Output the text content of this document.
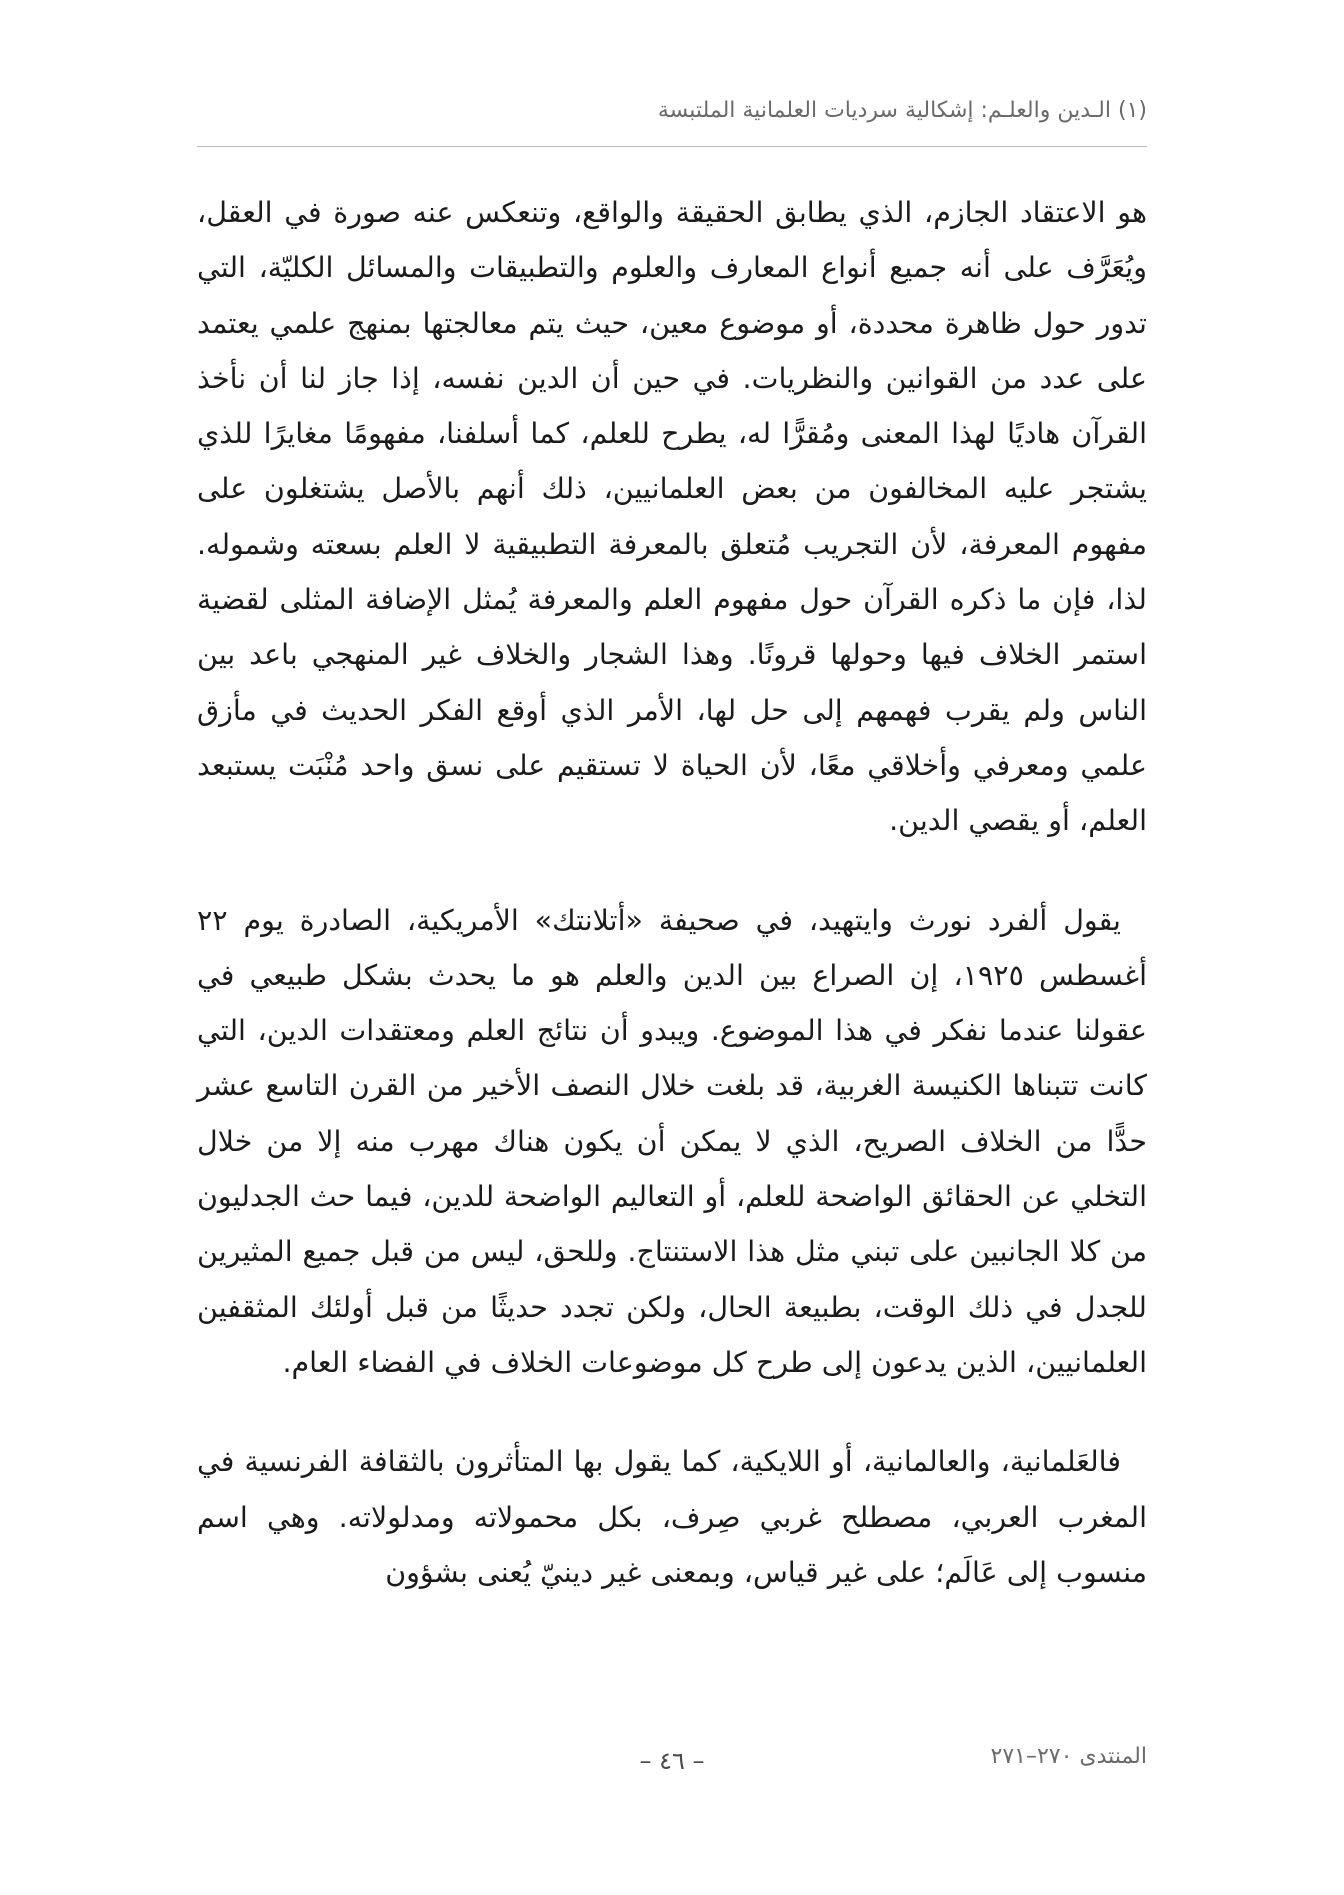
(١) الـدين والعلـم: إشكالية سرديات العلمانية الملتبسة

هو الاعتقاد الجازم، الذي يطابق الحقيقة والواقع، وتنعكس عنه صورة في العقل، ويُعَرَّف على أنه جميع أنواع المعارف والعلوم والتطبيقات والمسائل الكليّة، التي تدور حول ظاهرة محددة، أو موضوع معين، حيث يتم معالجتها بمنهج علمي يعتمد على عدد من القوانين والنظريات. في حين أن الدين نفسه، إذا جاز لنا أن نأخذ القرآن هاديًا لهذا المعنى ومُقرًّا له، يطرح للعلم، كما أسلفنا، مفهومًا مغايرًا للذي يشتجر عليه المخالفون من بعض العلمانيين، ذلك أنهم بالأصل يشتغلون على مفهوم المعرفة، لأن التجريب مُتعلق بالمعرفة التطبيقية لا العلم بسعته وشموله. لذا، فإن ما ذكره القرآن حول مفهوم العلم والمعرفة يُمثل الإضافة المثلى لقضية استمر الخلاف فيها وحولها قرونًا. وهذا الشجار والخلاف غير المنهجي باعد بين الناس ولم يقرب فهمهم إلى حل لها، الأمر الذي أوقع الفكر الحديث في مأزق علمي ومعرفي وأخلاقي معًا، لأن الحياة لا تستقيم على نسق واحد مُنْبَت يستبعد العلم، أو يقصي الدين.

يقول ألفرد نورث وايتهيد، في صحيفة «أتلانتك» الأمريكية، الصادرة يوم ٢٢ أغسطس ١٩٢٥، إن الصراع بين الدين والعلم هو ما يحدث بشكل طبيعي في عقولنا عندما نفكر في هذا الموضوع. ويبدو أن نتائج العلم ومعتقدات الدين، التي كانت تتبناها الكنيسة الغربية، قد بلغت خلال النصف الأخير من القرن التاسع عشر حدًّا من الخلاف الصريح، الذي لا يمكن أن يكون هناك مهرب منه إلا من خلال التخلي عن الحقائق الواضحة للعلم، أو التعاليم الواضحة للدين، فيما حث الجدليون من كلا الجانبين على تبني مثل هذا الاستنتاج. وللحق، ليس من قبل جميع المثيرين للجدل في ذلك الوقت، بطبيعة الحال، ولكن تجدد حديثًا من قبل أولئك المثقفين العلمانيين، الذين يدعون إلى طرح كل موضوعات الخلاف في الفضاء العام.

فالعَلمانية، والعالمانية، أو اللايكية، كما يقول بها المتأثرون بالثقافة الفرنسية في المغرب العربي، مصطلح غربي صِرف، بكل محمولاته ومدلولاته. وهي اسم منسوب إلى عَالَم؛ على غير قياس، وبمعنى غير دينيّ يُعنى بشؤون

– ٤٦ –	المنتدى ٢٧٠–٢٧١
